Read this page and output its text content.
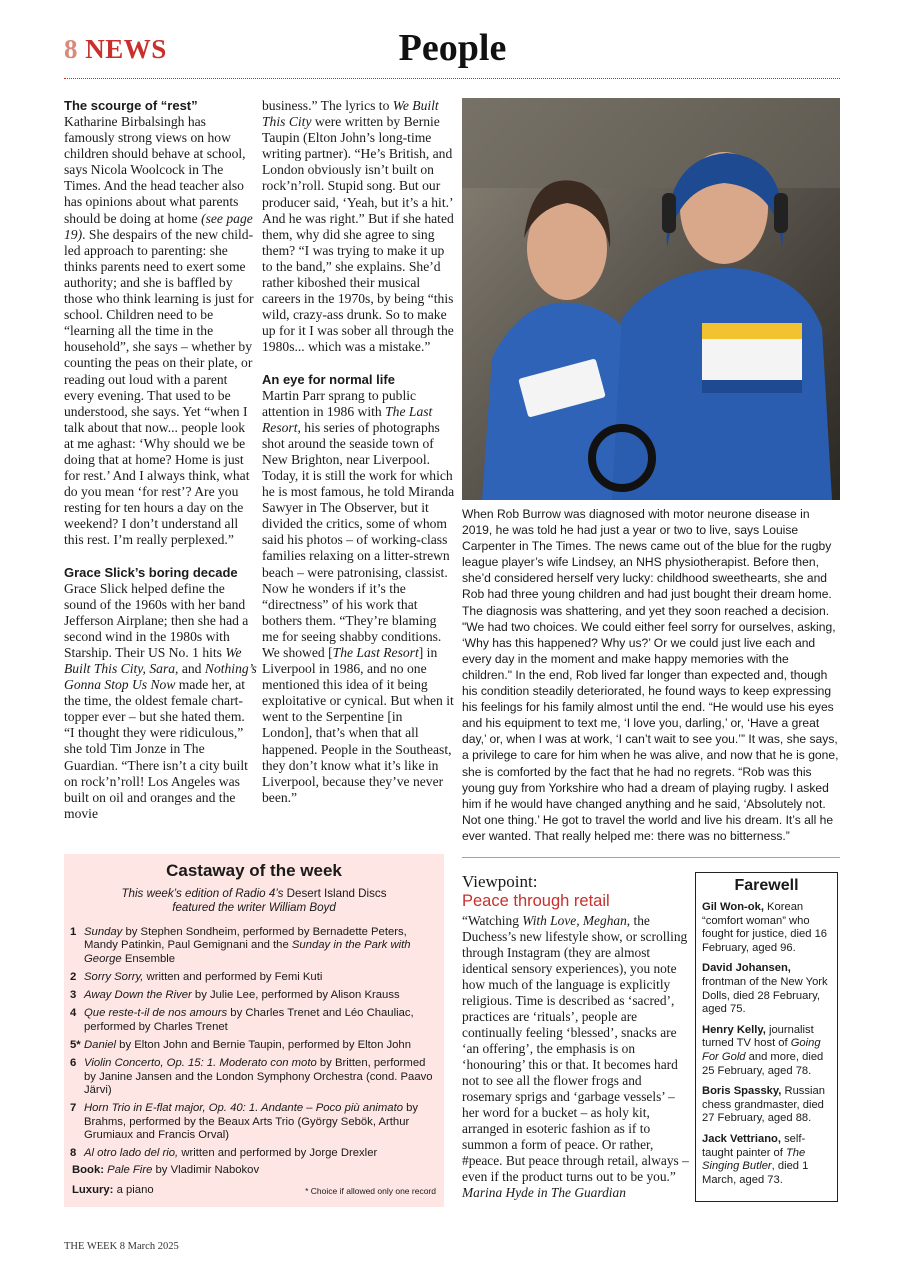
8 NEWS	People
The scourge of “rest”

Katharine Birbalsingh has famously strong views on how children should behave at school, says Nicola Woolcock in The Times. And the head teacher also has opinions about what parents should be doing at home (see page 19). She despairs of the new child-led approach to parenting: she thinks parents need to exert some authority; and she is baffled by those who think learning is just for school. Children need to be “learning all the time in the household”, she says – whether by counting the peas on their plate, or reading out loud with a parent every evening. That used to be understood, she says. Yet “when I talk about that now... people look at me aghast: ‘Why should we be doing that at home? Home is just for rest.’ And I always think, what do you mean ‘for rest’? Are you resting for ten hours a day on the weekend? I don’t understand all this rest. I’m really perplexed.”

Grace Slick’s boring decade

Grace Slick helped define the sound of the 1960s with her band Jefferson Airplane; then she had a second wind in the 1980s with Starship. Their US No. 1 hits We Built This City, Sara, and Nothing’s Gonna Stop Us Now made her, at the time, the oldest female chart-topper ever – but she hated them. “I thought they were ridiculous,” she told Tim Jonze in The Guardian. “There isn’t a city built on rock’n’roll! Los Angeles was built on oil and oranges and the movie

business.” The lyrics to We Built This City were written by Bernie Taupin (Elton John’s long-time writing partner). “He’s British, and London obviously isn’t built on rock’n’roll. Stupid song. But our producer said, ‘Yeah, but it’s a hit.’ And he was right.” But if she hated them, why did she agree to sing them? “I was trying to make it up to the band,” she explains. She’d rather kiboshed their musical careers in the 1970s, by being “this wild, crazy-ass drunk. So to make up for it I was sober all through the 1980s... which was a mistake.”

An eye for normal life

Martin Parr sprang to public attention in 1986 with The Last Resort, his series of photographs shot around the seaside town of New Brighton, near Liverpool. Today, it is still the work for which he is most famous, he told Miranda Sawyer in The Observer, but it divided the critics, some of whom said his photos – of working-class families relaxing on a litter-strewn beach – were patronising, classist. Now he wonders if it’s the “directness” of his work that bothers them. “They’re blaming me for seeing shabby conditions. We showed [The Last Resort] in Liverpool in 1986, and no one mentioned this idea of it being exploitative or cynical. But when it went to the Serpentine [in London], that’s when that all happened. People in the Southeast, they don’t know what it’s like in Liverpool, because they’ve never been.”

When Rob Burrow was diagnosed with motor neurone disease in 2019, he was told he had just a year or two to live, says Louise Carpenter in The Times. The news came out of the blue for the rugby league player’s wife Lindsey, an NHS physiotherapist. Before then, she’d considered herself very lucky: childhood sweethearts, she and Rob had three young children and had just bought their dream home. The diagnosis was shattering, and yet they soon reached a decision. "We had two choices. We could either feel sorry for ourselves, asking, ‘Why has this happened? Why us?’ Or we could just live each and every day in the moment and make happy memories with the children." In the end, Rob lived far longer than expected and, though his condition steadily deteriorated, he found ways to keep expressing his feelings for his family almost until the end. “He would use his eyes and his equipment to text me, ‘I love you, darling,’ or, ‘Have a great day,’ or, when I was at work, ‘I can’t wait to see you.’” It was, she says, a privilege to care for him when he was alive, and now that he is gone, she is comforted by the fact that he had no regrets. “Rob was this young guy from Yorkshire who had a dream of playing rugby. I asked him if he would have changed anything and he said, ‘Absolutely not. Not one thing.’ He got to travel the world and live his dream. It’s all he ever wanted. That really helped me: there was no bitterness.”

Castaway of the week
This week’s edition of Radio 4’s Desert Island Discs
featured the writer William Boyd
1 Sunday by Stephen Sondheim, performed by Bernadette Peters, Mandy Patinkin, Paul Gemignani and the Sunday in the Park with George Ensemble
2 Sorry Sorry, written and performed by Femi Kuti
3 Away Down the River by Julie Lee, performed by Alison Krauss
4 Que reste-t-il de nos amours by Charles Trenet and Léo Chauliac, performed by Charles Trenet
5* Daniel by Elton John and Bernie Taupin, performed by Elton John
6 Violin Concerto, Op. 15: 1. Moderato con moto by Britten, performed by Janine Jansen and the London Symphony Orchestra (cond. Paavo Järvi)
7 Horn Trio in E-flat major, Op. 40: 1. Andante – Poco più animato by Brahms, performed by the Beaux Arts Trio (György Sebök, Arthur Grumiaux and Francis Orval)
8 Al otro lado del rio, written and performed by Jorge Drexler
Book: Pale Fire by Vladimir Nabokov
Luxury: a piano	* Choice if allowed only one record
Viewpoint:
Peace through retail

“Watching With Love, Meghan, the Duchess’s new lifestyle show, or scrolling through Instagram (they are almost identical sensory experiences), you note how much of the language is explicitly religious. Time is described as ‘sacred’, practices are ‘rituals’, people are continually feeling ‘blessed’, snacks are ‘an offering’, the emphasis is on ‘honouring’ this or that. It becomes hard not to see all the flower frogs and rosemary sprigs and ‘garbage vessels’ – her word for a bucket – as holy kit, arranged in esoteric fashion as if to summon a form of peace. Or rather, #peace. But peace through retail, always – even if the product turns out to be you.”
Marina Hyde in The Guardian

Farewell
Gil Won-ok, Korean “comfort woman” who fought for justice, died 16 February, aged 96.
David Johansen, frontman of the New York Dolls, died 28 February, aged 75.
Henry Kelly, journalist turned TV host of Going For Gold and more, died 25 February, aged 78.
Boris Spassky, Russian chess grandmaster, died 27 February, aged 88.
Jack Vettriano, self-taught painter of The Singing Butler, died 1 March, aged 73.
THE WEEK 8 March 2025
